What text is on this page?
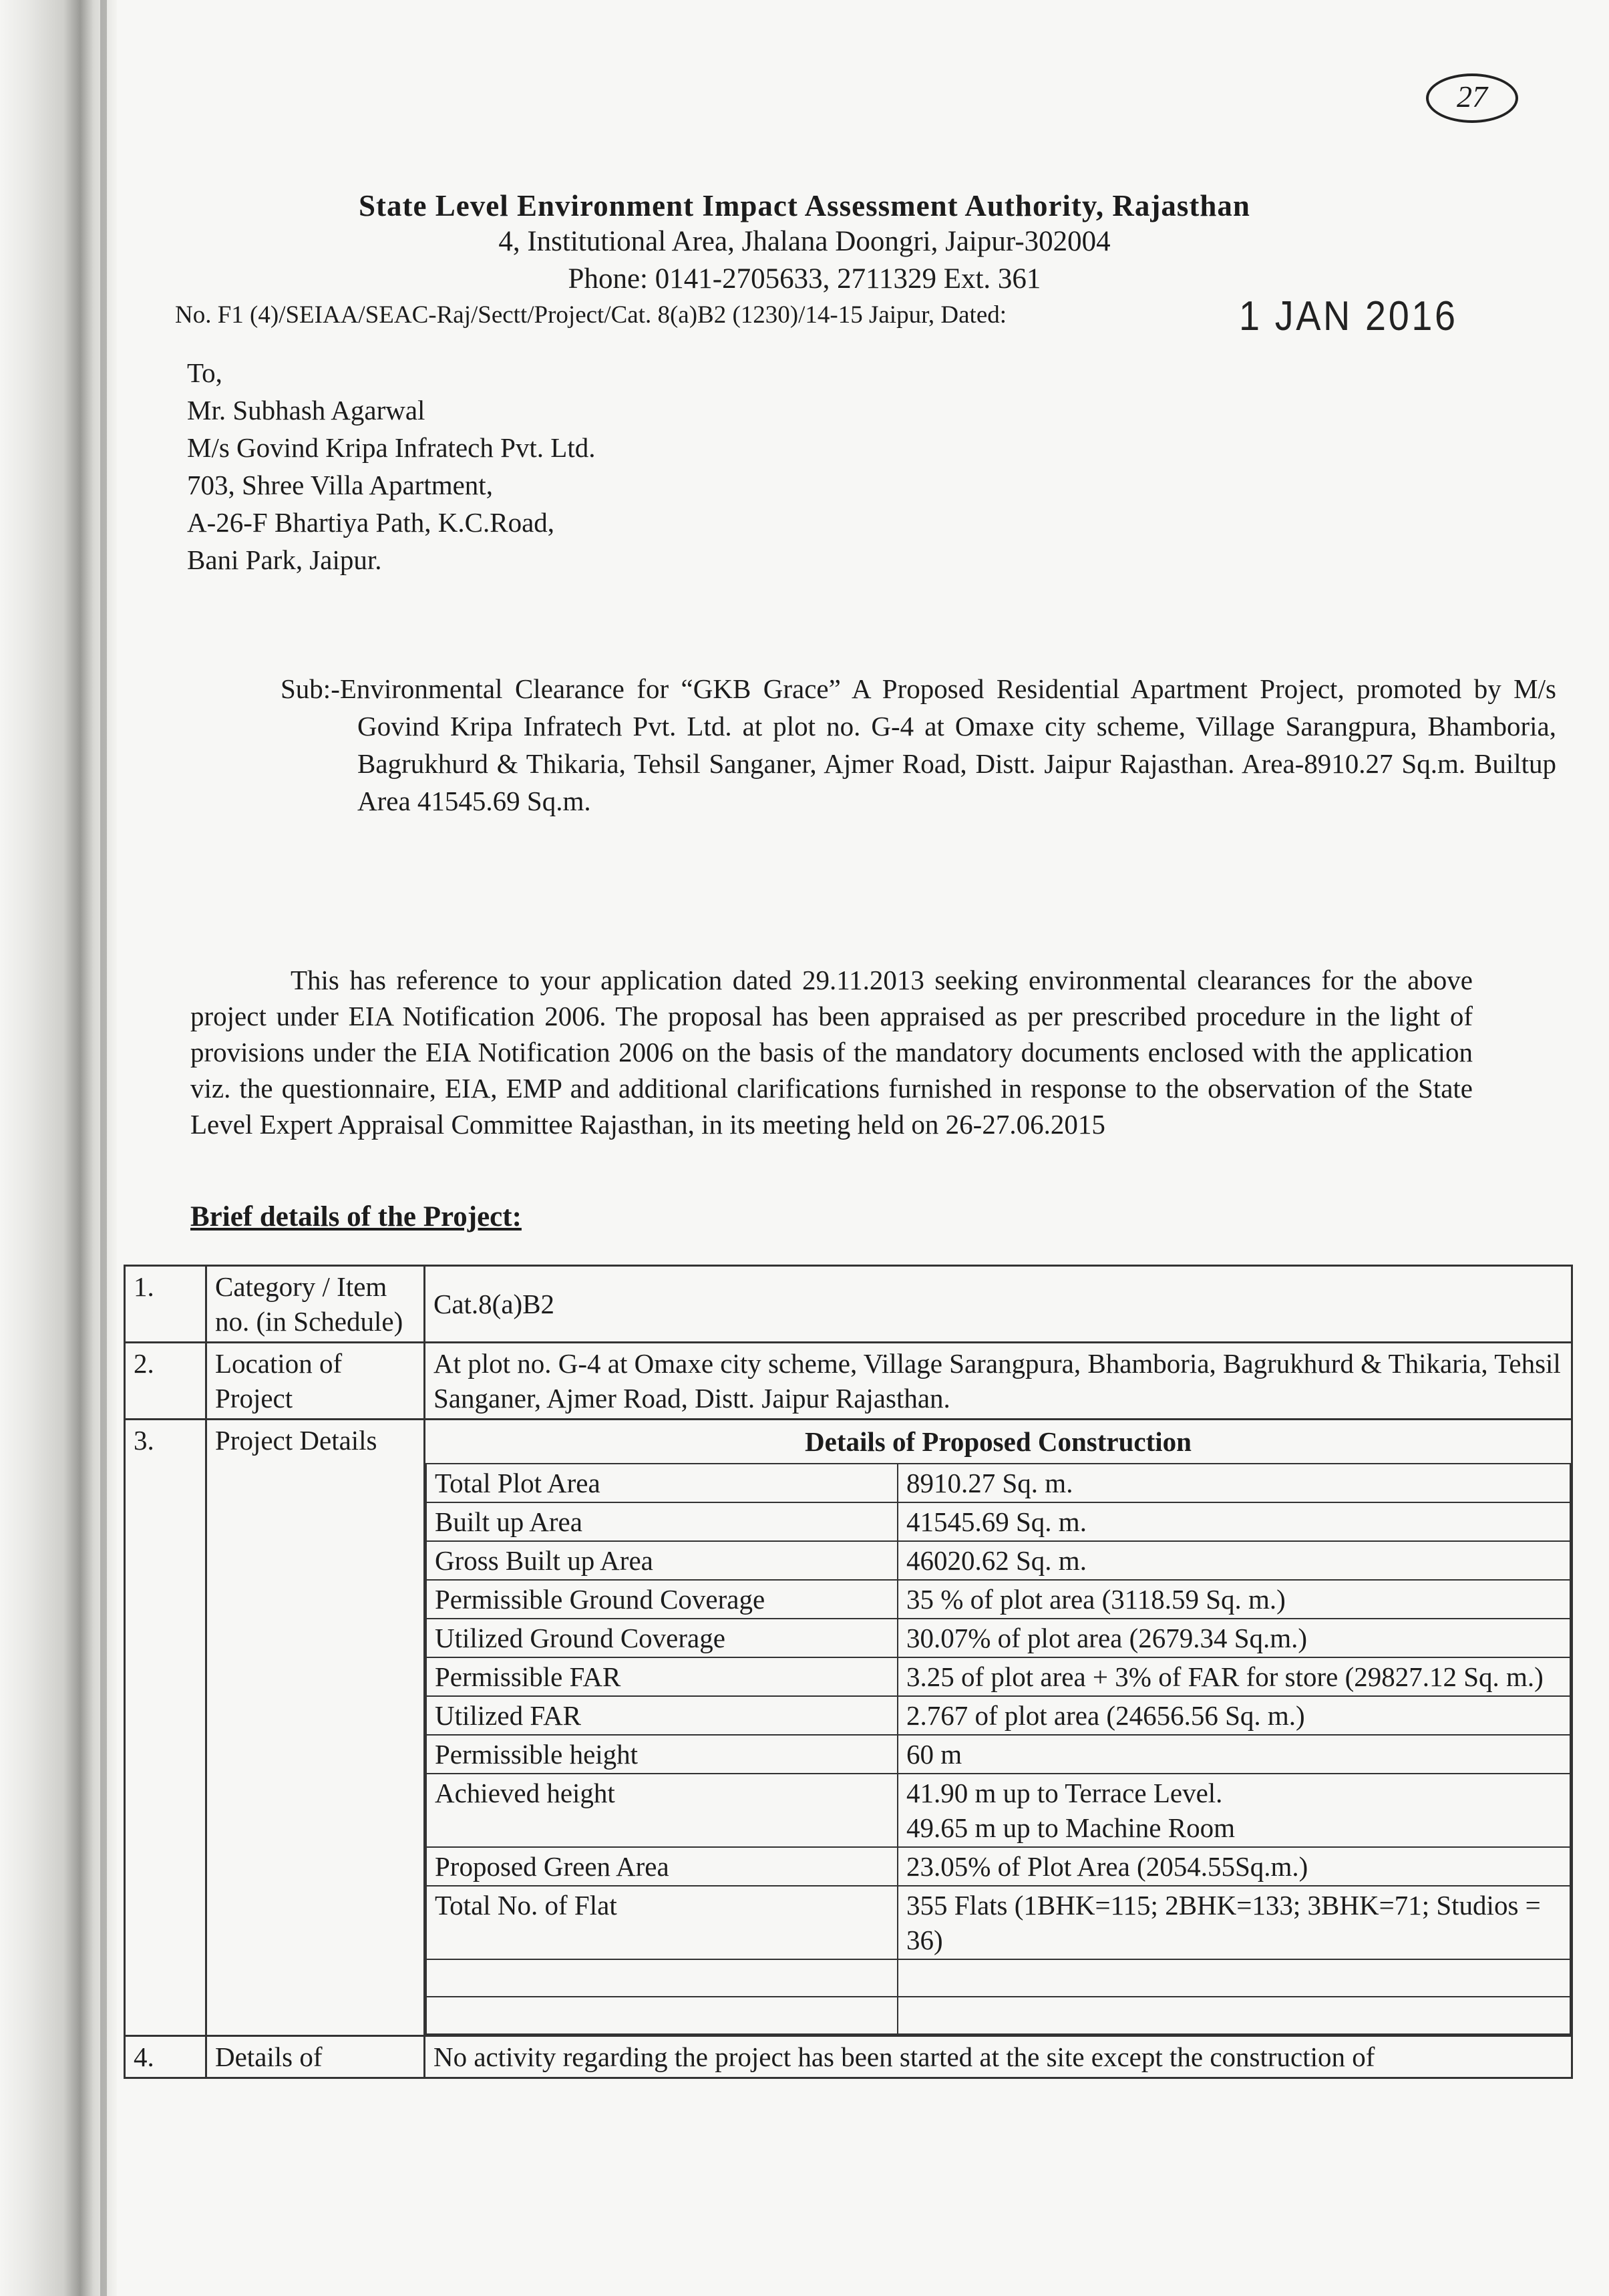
27
State Level Environment Impact Assessment Authority, Rajasthan
4, Institutional Area, Jhalana Doongri, Jaipur-302004
Phone: 0141-2705633, 2711329 Ext. 361
No. F1 (4)/SEIAA/SEAC-Raj/Sectt/Project/Cat. 8(a)B2 (1230)/14-15 Jaipur, Dated:	1 JAN 2016
To,
Mr. Subhash Agarwal
M/s Govind Kripa Infratech Pvt. Ltd.
703, Shree Villa Apartment,
A-26-F Bhartiya Path, K.C.Road,
Bani Park, Jaipur.
Sub:-Environmental Clearance for “GKB Grace” A Proposed Residential Apartment Project, promoted by M/s Govind Kripa Infratech Pvt. Ltd. at plot no. G-4 at Omaxe city scheme, Village Sarangpura, Bhamboria, Bagrukhurd & Thikaria, Tehsil Sanganer, Ajmer Road, Distt. Jaipur Rajasthan. Area-8910.27 Sq.m. Builtup Area 41545.69 Sq.m.
This has reference to your application dated 29.11.2013 seeking environmental clearances for the above project under EIA Notification 2006. The proposal has been appraised as per prescribed procedure in the light of provisions under the EIA Notification 2006 on the basis of the mandatory documents enclosed with the application viz. the questionnaire, EIA, EMP and additional clarifications furnished in response to the observation of the State Level Expert Appraisal Committee Rajasthan, in its meeting held on 26-27.06.2015
Brief details of the Project:
1.	Category / Item no. (in Schedule)	Cat.8(a)B2
2.	Location of Project	At plot no. G-4 at Omaxe city scheme, Village Sarangpura, Bhamboria, Bagrukhurd & Thikaria, Tehsil Sanganer, Ajmer Road, Distt. Jaipur Rajasthan.
3.	Project Details	Details of Proposed Construction
Total Plot Area	8910.27 Sq. m.
Built up Area	41545.69 Sq. m.
Gross Built up Area	46020.62 Sq. m.
Permissible Ground Coverage	35 % of plot area (3118.59 Sq. m.)
Utilized Ground Coverage	30.07% of plot area (2679.34 Sq.m.)
Permissible FAR	3.25 of plot area + 3% of FAR for store (29827.12 Sq. m.)
Utilized FAR	2.767 of plot area (24656.56 Sq. m.)
Permissible height	60 m
Achieved height	41.90 m up to Terrace Level.
49.65 m up to Machine Room

Proposed Green Area	23.05% of Plot Area (2054.55Sq.m.)
Total No. of Flat	355 Flats (1BHK=115; 2BHK=133; 3BHK=71; Studios = 36)

4.	Details of	No activity regarding the project has been started at the site except the construction of
